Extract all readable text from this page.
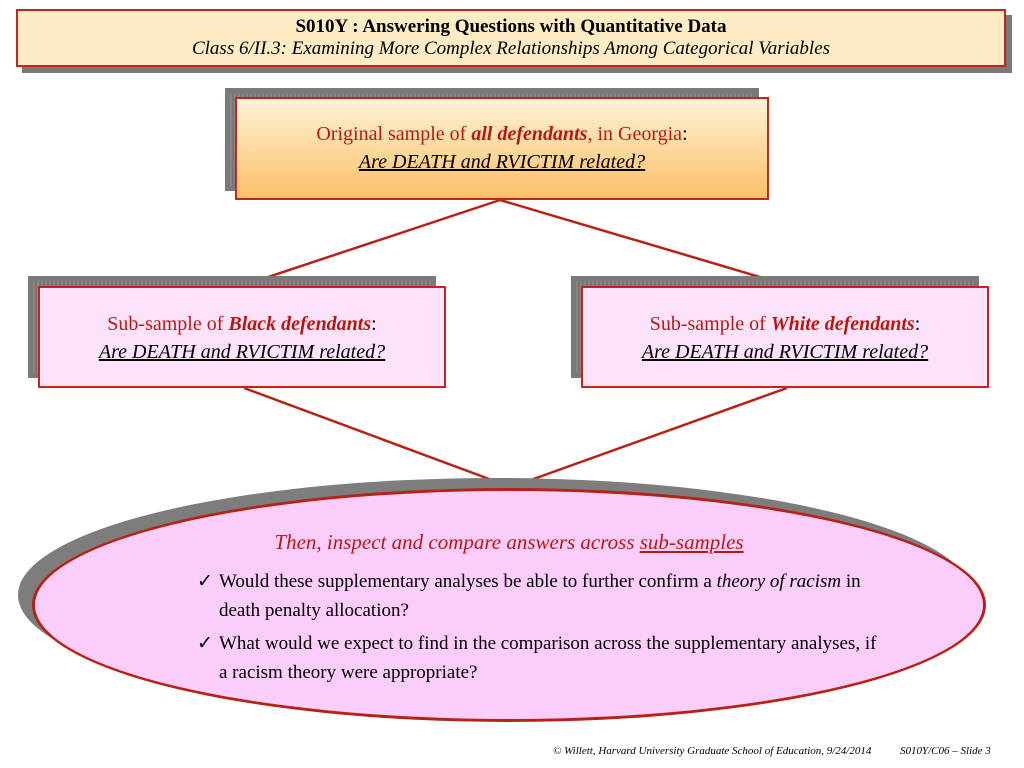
S010Y : Answering Questions with Quantitative Data
Class 6/II.3: Examining More Complex Relationships Among Categorical Variables
Original sample of all defendants, in Georgia:
Are DEATH and RVICTIM related?
Sub-sample of Black defendants:
Are DEATH and RVICTIM related?
Sub-sample of White defendants:
Are DEATH and RVICTIM related?
Then, inspect and compare answers across sub-samples
✓ Would these supplementary analyses be able to further confirm a theory of racism in death penalty allocation?
✓ What would we expect to find in the comparison across the supplementary analyses, if a racism theory were appropriate?
© Willett, Harvard University Graduate School of Education, 9/24/2014	S010Y/C06 – Slide 3
